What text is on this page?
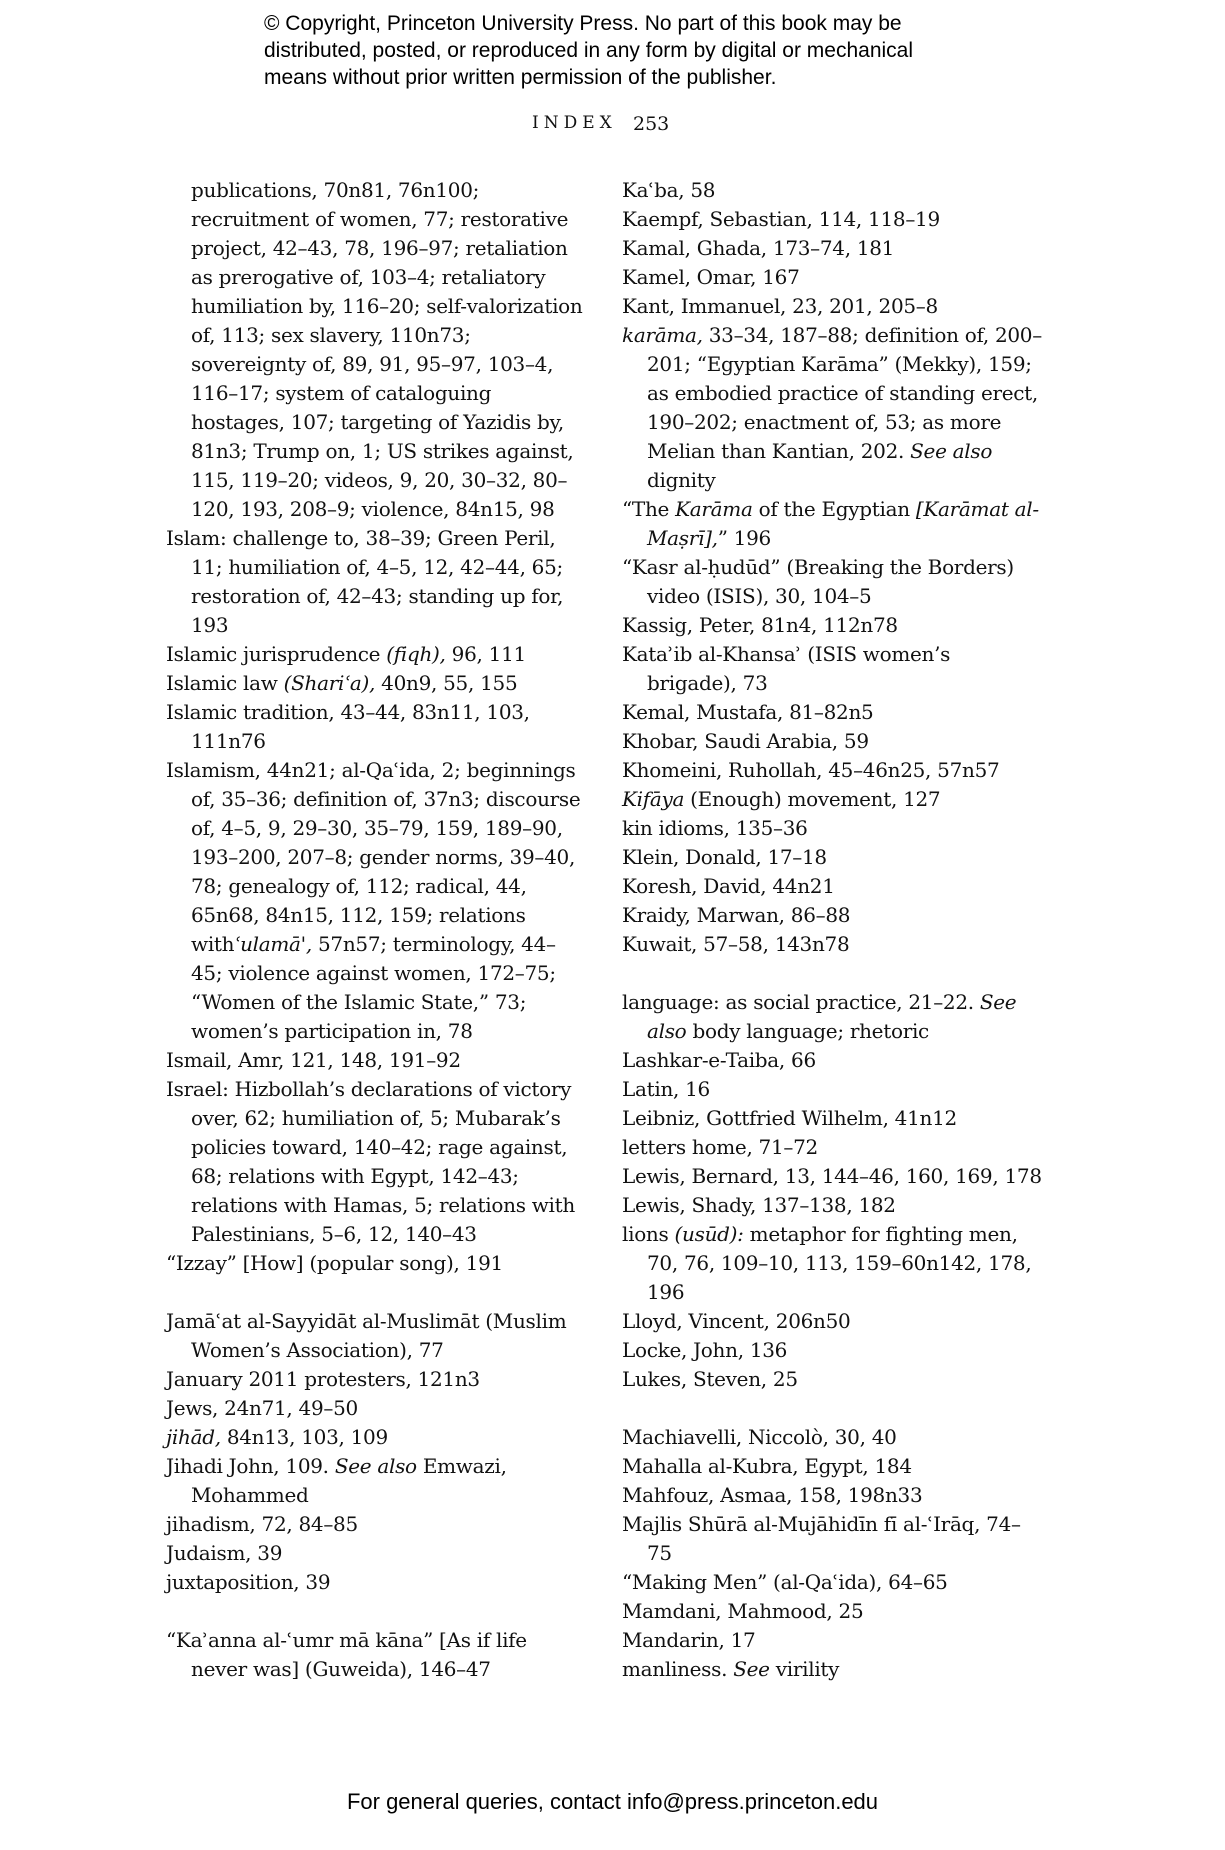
© Copyright, Princeton University Press. No part of this book may be
distributed, posted, or reproduced in any form by digital or mechanical
means without prior written permission of the publisher.
INDEX 253

publications, 70n81, 76n100; recruitment of women, 77; restorative project, 42–43, 78, 196–97; retaliation as prerogative of, 103–4; retaliatory humiliation by, 116–20; self-valorization of, 113; sex slavery, 110n73; sovereignty of, 89, 91, 95–97, 103–4, 116–17; system of cataloguing hostages, 107; targeting of Yazidis by, 81n3; Trump on, 1; US strikes against, 115, 119–20; videos, 9, 20, 30–32, 80–120, 193, 208–9; violence, 84n15, 98

Islam: challenge to, 38–39; Green Peril, 11; humiliation of, 4–5, 12, 42–44, 65; restoration of, 42–43; standing up for, 193

Islamic jurisprudence (fiqh), 96, 111

Islamic law (Shariʿa), 40n9, 55, 155

Islamic tradition, 43–44, 83n11, 103, 111n76

Islamism, 44n21; al-Qaʿida, 2; beginnings of, 35–36; definition of, 37n3; discourse of, 4–5, 9, 29–30, 35–79, 159, 189–90, 193–200, 207–8; gender norms, 39–40, 78; genealogy of, 112; radical, 44, 65n68, 84n15, 112, 159; relations withʿulamā', 57n57; terminology, 44–45; violence against women, 172–75; “Women of the Islamic State,” 73; women’s participation in, 78

Ismail, Amr, 121, 148, 191–92

Israel: Hizbollah’s declarations of victory over, 62; humiliation of, 5; Mubarak’s policies toward, 140–42; rage against, 68; relations with Egypt, 142–43; relations with Hamas, 5; relations with Palestinians, 5–6, 12, 140–43

“Izzay” [How] (popular song), 191

Jamāʿat al-Sayyidāt al-Muslimāt (Muslim Women’s Association), 77

January 2011 protesters, 121n3

Jews, 24n71, 49–50

jihād, 84n13, 103, 109

Jihadi John, 109. See also Emwazi, Mohammed

jihadism, 72, 84–85

Judaism, 39

juxtaposition, 39

“Kaʾanna al-ʿumr mā kāna” [As if life never was] (Guweida), 146–47

Kaʿba, 58

Kaempf, Sebastian, 114, 118–19

Kamal, Ghada, 173–74, 181

Kamel, Omar, 167

Kant, Immanuel, 23, 201, 205–8

karāma, 33–34, 187–88; definition of, 200–201; “Egyptian Karāma” (Mekky), 159; as embodied practice of standing erect, 190–202; enactment of, 53; as more Melian than Kantian, 202. See also dignity

“The Karāma of the Egyptian [Karāmat al-Maṣrī],” 196

“Kasr al-ḥudūd” (Breaking the Borders) video (ISIS), 30, 104–5

Kassig, Peter, 81n4, 112n78

Kataʾib al-Khansaʾ (ISIS women’s brigade), 73

Kemal, Mustafa, 81–82n5

Khobar, Saudi Arabia, 59

Khomeini, Ruhollah, 45–46n25, 57n57

Kifāya (Enough) movement, 127

kin idioms, 135–36

Klein, Donald, 17–18

Koresh, David, 44n21

Kraidy, Marwan, 86–88

Kuwait, 57–58, 143n78

language: as social practice, 21–22. See also body language; rhetoric

Lashkar-e-Taiba, 66

Latin, 16

Leibniz, Gottfried Wilhelm, 41n12

letters home, 71–72

Lewis, Bernard, 13, 144–46, 160, 169, 178

Lewis, Shady, 137–138, 182

lions (usūd): metaphor for fighting men, 70, 76, 109–10, 113, 159–60n142, 178, 196

Lloyd, Vincent, 206n50

Locke, John, 136

Lukes, Steven, 25

Machiavelli, Niccolò, 30, 40

Mahalla al-Kubra, Egypt, 184

Mahfouz, Asmaa, 158, 198n33

Majlis Shūrā al-Mujāhidīn fī al-ʿIrāq, 74–75

“Making Men” (al-Qaʿida), 64–65

Mamdani, Mahmood, 25

Mandarin, 17

manliness. See virility

For general queries, contact info@press.princeton.edu
